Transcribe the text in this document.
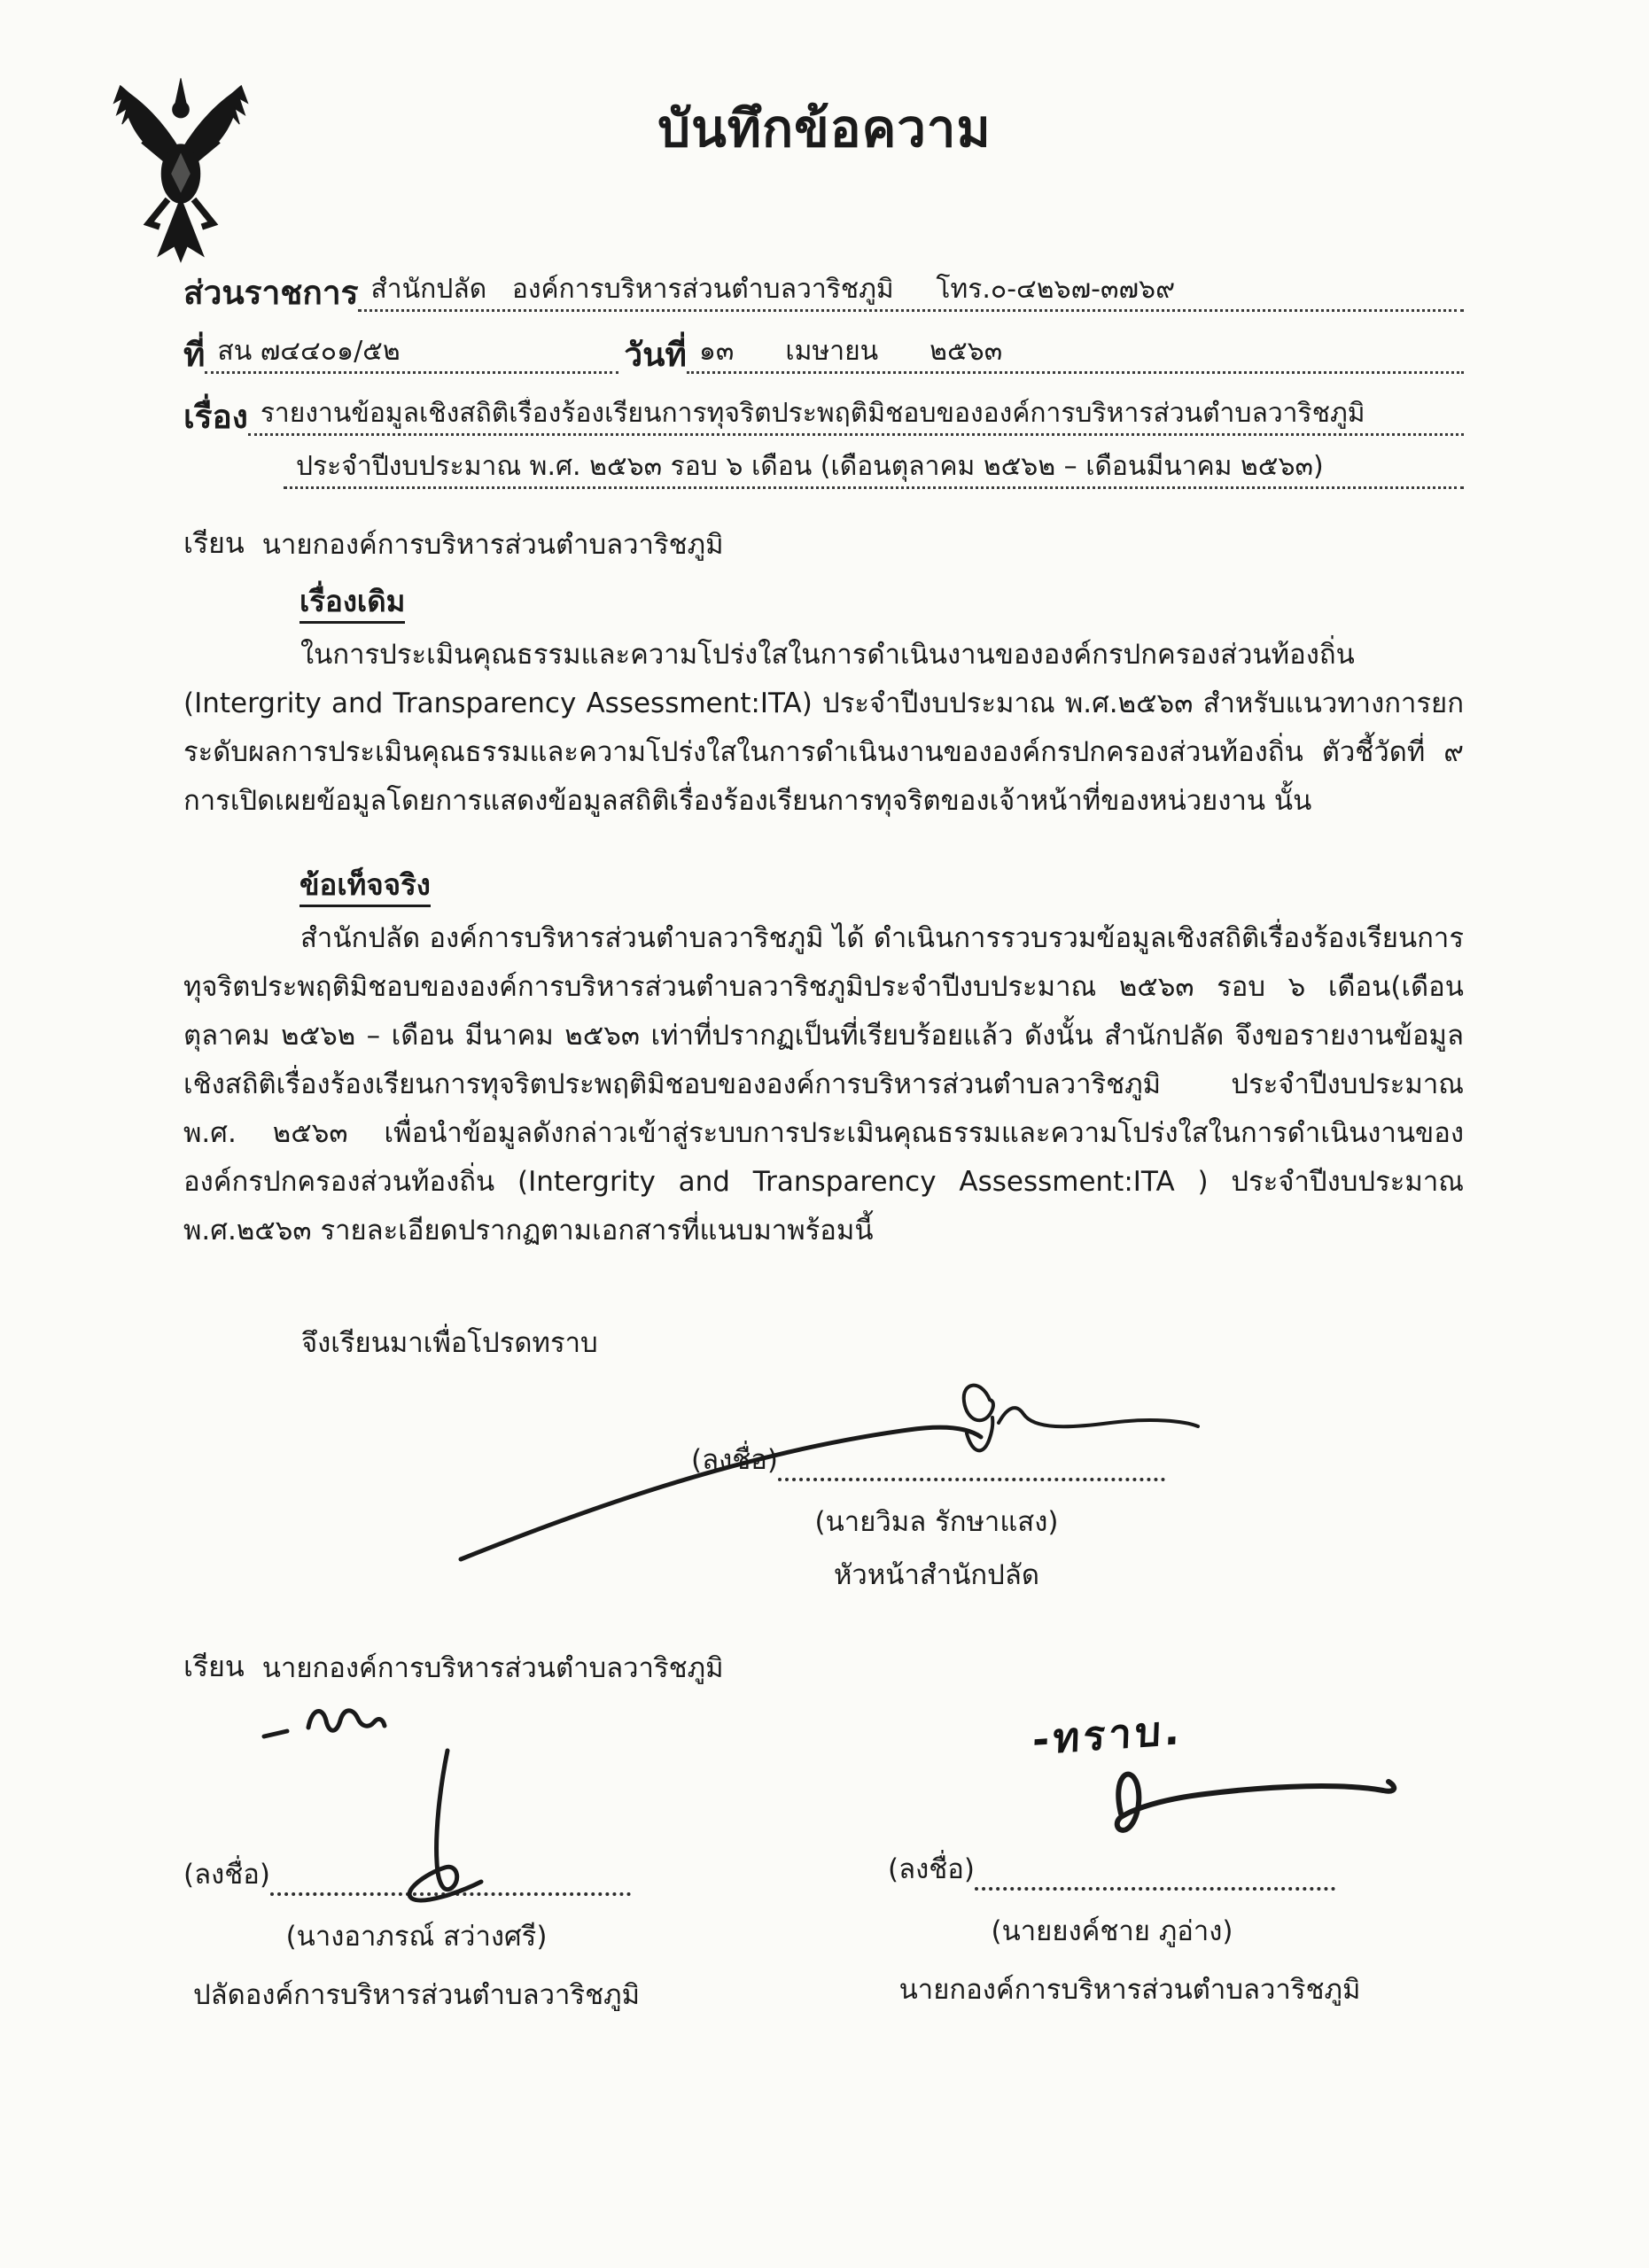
บันทึกข้อความ
ส่วนราชการ สำนักปลัด   องค์การบริหารส่วนตำบลวาริชภูมิ     โทร.๐-๔๒๖๗-๓๗๖๙
ที่ สน ๗๔๔๐๑/๕๒	วันที่ ๑๓ เมษายน ๒๕๖๓
เรื่อง รายงานข้อมูลเชิงสถิติเรื่องร้องเรียนการทุจริตประพฤติมิชอบขององค์การบริหารส่วนตำบลวาริชภูมิ
ประจำปีงบประมาณ พ.ศ. ๒๕๖๓ รอบ ๖ เดือน (เดือนตุลาคม ๒๕๖๒ – เดือนมีนาคม ๒๕๖๓)
เรียน นายกองค์การบริหารส่วนตำบลวาริชภูมิ
เรื่องเดิม

ในการประเมินคุณธรรมและความโปร่งใสในการดำเนินงานขององค์กรปกครองส่วนท้องถิ่น (Intergrity and Transparency Assessment:ITA) ประจำปีงบประมาณ พ.ศ.๒๕๖๓ สำหรับแนวทางการยกระดับผลการประเมินคุณธรรมและความโปร่งใสในการดำเนินงานขององค์กรปกครองส่วนท้องถิ่น ตัวชี้วัดที่ ๙ การเปิดเผยข้อมูลโดยการแสดงข้อมูลสถิติเรื่องร้องเรียนการทุจริตของเจ้าหน้าที่ของหน่วยงาน นั้น

ข้อเท็จจริง

สำนักปลัด องค์การบริหารส่วนตำบลวาริชภูมิ ได้ ดำเนินการรวบรวมข้อมูลเชิงสถิติเรื่องร้องเรียนการทุจริตประพฤติมิชอบขององค์การบริหารส่วนตำบลวาริชภูมิประจำปีงบประมาณ ๒๕๖๓ รอบ ๖ เดือน(เดือนตุลาคม ๒๕๖๒ – เดือน มีนาคม ๒๕๖๓ เท่าที่ปรากฏเป็นที่เรียบร้อยแล้ว ดังนั้น สำนักปลัด จึงขอรายงานข้อมูลเชิงสถิติเรื่องร้องเรียนการทุจริตประพฤติมิชอบขององค์การบริหารส่วนตำบลวาริชภูมิ ประจำปีงบประมาณ พ.ศ. ๒๕๖๓ เพื่อนำข้อมูลดังกล่าวเข้าสู่ระบบการประเมินคุณธรรมและความโปร่งใสในการดำเนินงานขององค์กรปกครองส่วนท้องถิ่น (Intergrity and Transparency Assessment:ITA ) ประจำปีงบประมาณ พ.ศ.๒๕๖๓ รายละเอียดปรากฏตามเอกสารที่แนบมาพร้อมนี้

จึงเรียนมาเพื่อโปรดทราบ
(ลงชื่อ)
(นายวิมล รักษาแสง)
หัวหน้าสำนักปลัด
เรียน นายกองค์การบริหารส่วนตำบลวาริชภูมิ
(ลงชื่อ)
(นางอาภรณ์ สว่างศรี)
ปลัดองค์การบริหารส่วนตำบลวาริชภูมิ
-ทราบ.
(ลงชื่อ)
(นายยงค์ชาย ภูอ่าง)
นายกองค์การบริหารส่วนตำบลวาริชภูมิ
